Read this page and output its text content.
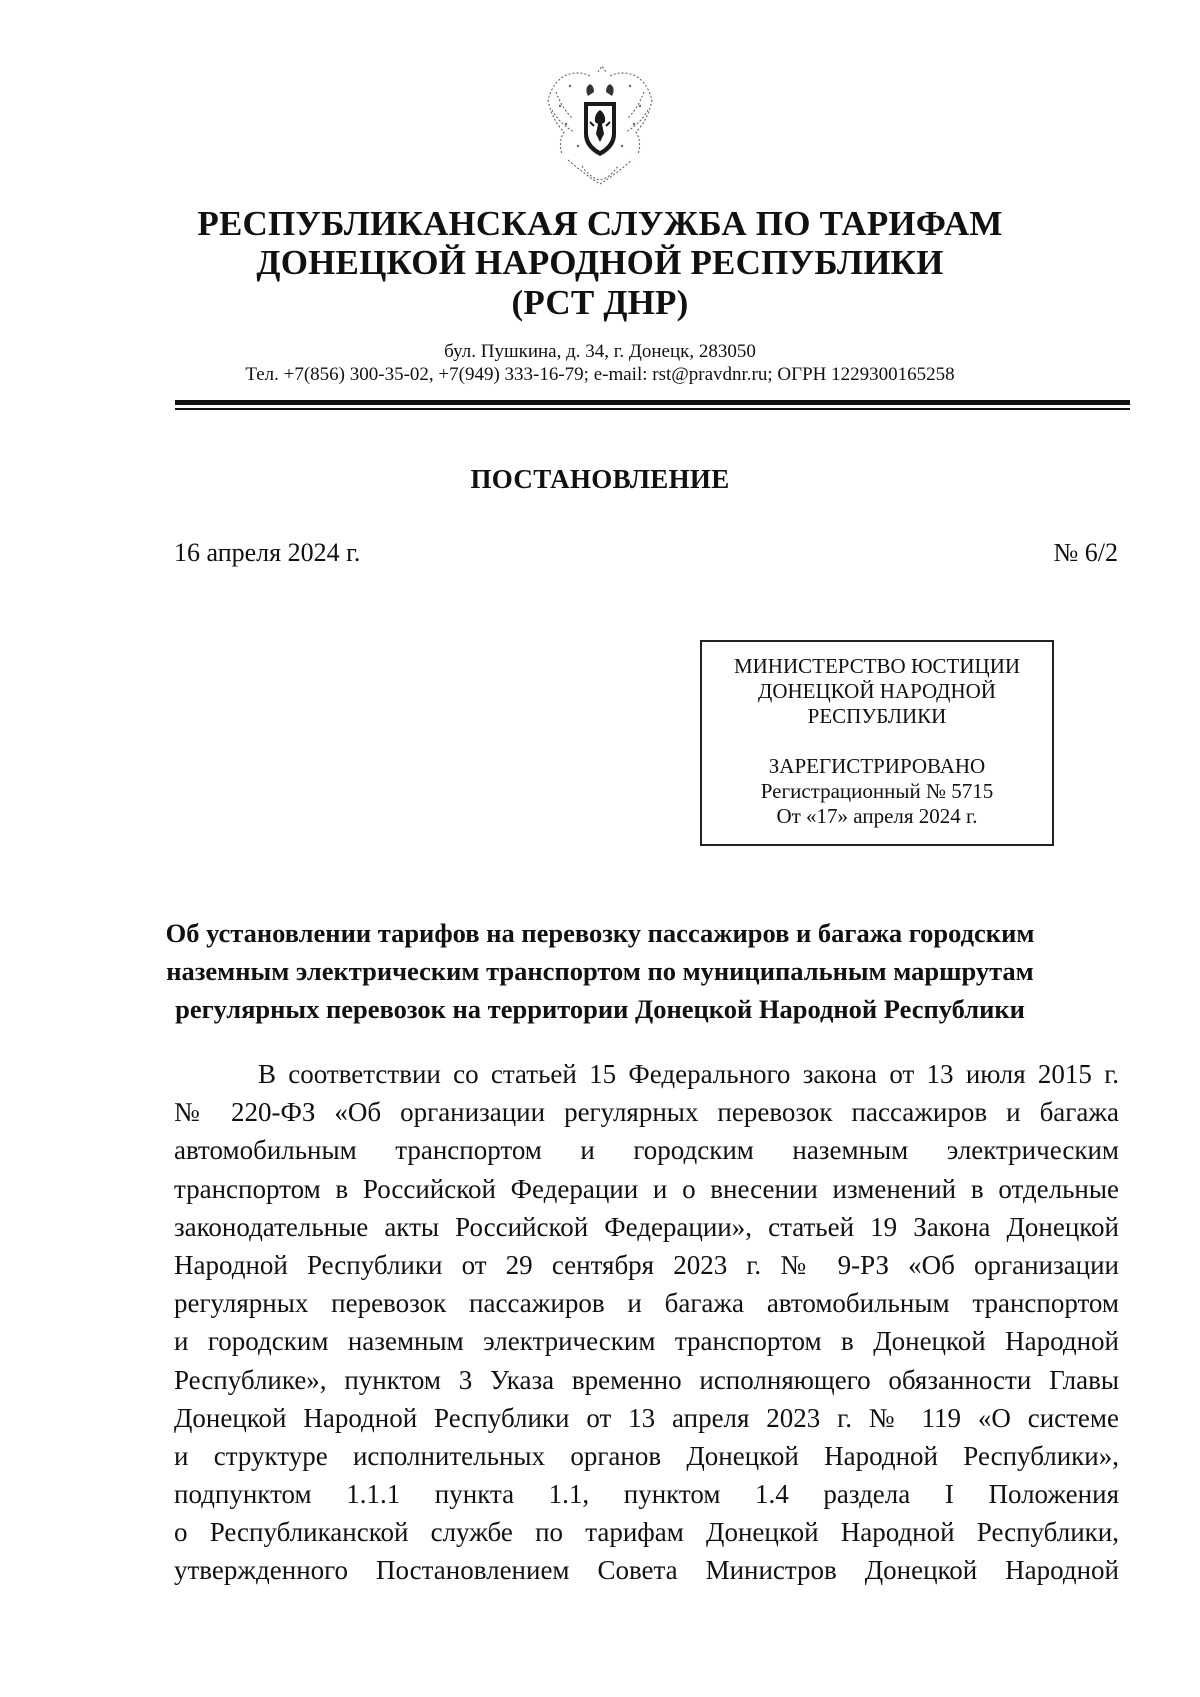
РЕСПУБЛИКАНСКАЯ СЛУЖБА ПО ТАРИФАМ
ДОНЕЦКОЙ НАРОДНОЙ РЕСПУБЛИКИ
(РСТ ДНР)
бул. Пушкина, д. 34, г. Донецк, 283050
Тел. +7(856) 300-35-02, +7(949) 333-16-79; e-mail: rst@pravdnr.ru; ОГРН 1229300165258
ПОСТАНОВЛЕНИЕ
16 апреля 2024 г.	№ 6/2
МИНИСТЕРСТВО ЮСТИЦИИ
ДОНЕЦКОЙ НАРОДНОЙ
РЕСПУБЛИКИ
ЗАРЕГИСТРИРОВАНО
Регистрационный № 5715
От «17» апреля 2024 г.
Об установлении тарифов на перевозку пассажиров и багажа городским
наземным электрическим транспортом по муниципальным маршрутам
регулярных перевозок на территории Донецкой Народной Республики
В соответствии со статьей 15 Федерального закона от 13 июля 2015 г.
№ 220-ФЗ «Об организации регулярных перевозок пассажиров и багажа
автомобильным транспортом и городским наземным электрическим
транспортом в Российской Федерации и о внесении изменений в отдельные
законодательные акты Российской Федерации», статьей 19 Закона Донецкой
Народной Республики от 29 сентября 2023 г. № 9-РЗ «Об организации
регулярных перевозок пассажиров и багажа автомобильным транспортом
и городским наземным электрическим транспортом в Донецкой Народной
Республике», пунктом 3 Указа временно исполняющего обязанности Главы
Донецкой Народной Республики от 13 апреля 2023 г. № 119 «О системе
и структуре исполнительных органов Донецкой Народной Республики»,
подпунктом 1.1.1 пункта 1.1, пунктом 1.4 раздела I Положения
о Республиканской службе по тарифам Донецкой Народной Республики,
утвержденного Постановлением Совета Министров Донецкой Народной
